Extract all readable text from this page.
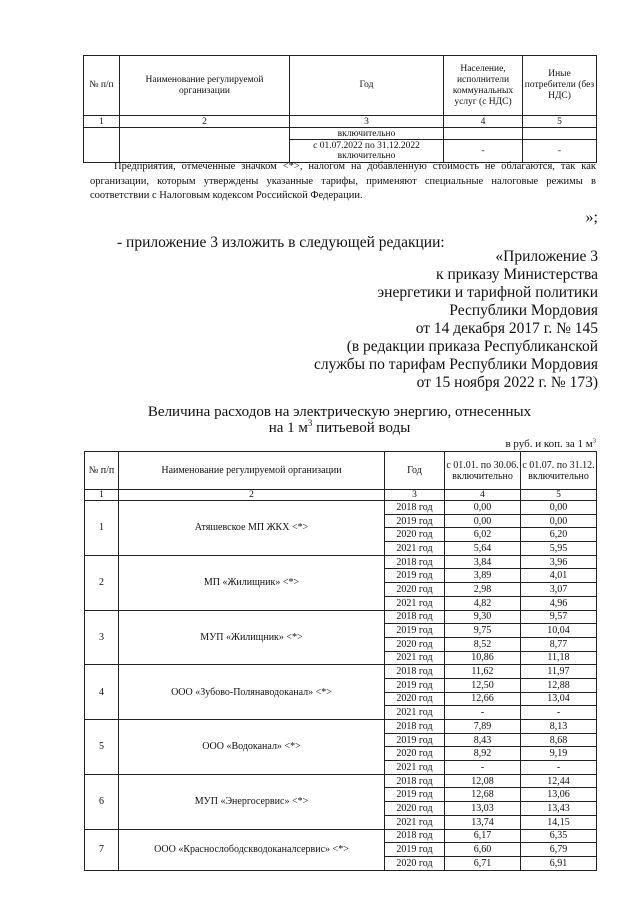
№ п/п	Наименование регулируемой организации	Год	Население, исполнители коммунальных услуг (с НДС)	Иные потребители (без НДС)
1	2	3	4	5
		включительно		
		с 01.07.2022 по 31.12.2022 включительно	-	-
Предприятия, отмеченные значком <*>, налогом на добавленную стоимость не облагаются, так как организации, которым утверждены указанные тарифы, применяют специальные налоговые режимы в соответствии с Налоговым кодексом Российской Федерации.
»;
- приложение 3 изложить в следующей редакции:
«Приложение 3
к приказу Министерства
энергетики и тарифной политики
Республики Мордовия
от 14 декабря 2017 г. № 145
(в редакции приказа Республиканской
службы по тарифам Республики Мордовия
от 15 ноября 2022 г. № 173)
Величина расходов на электрическую энергию, отнесенных
на 1 $м^3$ питьевой воды
в руб. и коп. за 1 $м^3$
№ п/п	Наименование регулируемой организации	Год	с 01.01. по 30.06. включительно	с 01.07. по 31.12. включительно
1	2	3	4	5
1	Атяшевское МП ЖКХ <*>	2018 год	0,00	0,00
		2019 год	0,00	0,00
		2020 год	6,02	6,20
		2021 год	5,64	5,95
2	МП «Жилищник» <*>	2018 год	3,84	3,96
		2019 год	3,89	4,01
		2020 год	2,98	3,07
		2021 год	4,82	4,96
3	МУП «Жилищник» <*>	2018 год	9,30	9,57
		2019 год	9,75	10,04
		2020 год	8,52	8,77
		2021 год	10,86	11,18
4	ООО «Зубово-Полянаводоканал» <*>	2018 год	11,62	11,97
		2019 год	12,50	12,88
		2020 год	12,66	13,04
		2021 год	-	-
5	ООО «Водоканал» <*>	2018 год	7,89	8,13
		2019 год	8,43	8,68
		2020 год	8,92	9,19
		2021 год	-	-
6	МУП «Энергосервис» <*>	2018 год	12,08	12,44
		2019 год	12,68	13,06
		2020 год	13,03	13,43
		2021 год	13,74	14,15
7	ООО «Краснослободскводоканалсервис» <*>	2018 год	6,17	6,35
		2019 год	6,60	6,79
		2020 год	6,71	6,91
